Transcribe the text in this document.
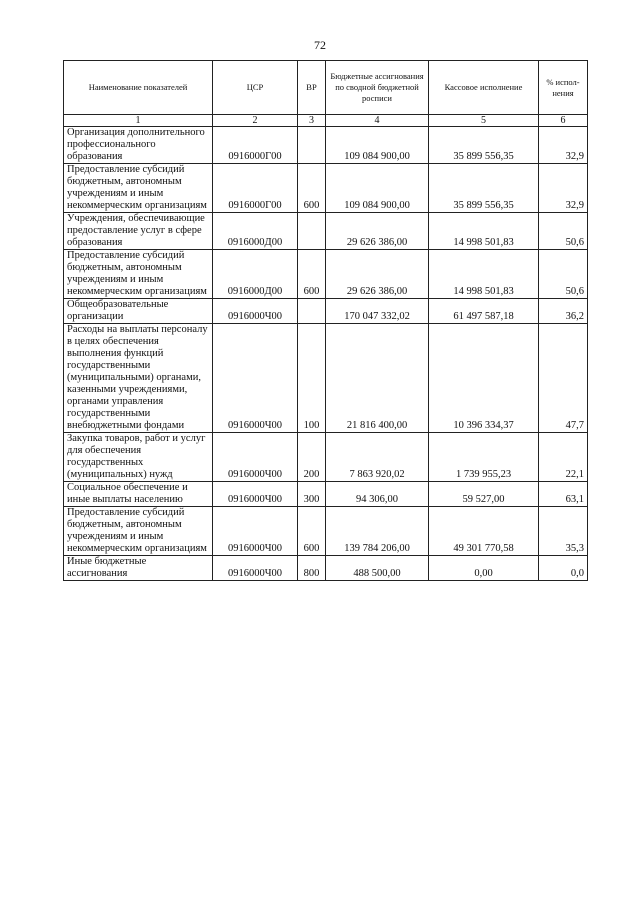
72
Наименование показателей	ЦСР	ВР	Бюджетные ассигнования по сводной бюджетной росписи	Кассовое исполнение	% испол-нения
1	2	3	4	5	6
Организация дополнительного профессионального образования	0916000Г00		109 084 900,00	35 899 556,35	32,9
Предоставление субсидий бюджетным, автономным учреждениям и иным некоммерческим организациям	0916000Г00	600	109 084 900,00	35 899 556,35	32,9
Учреждения, обеспечивающие предоставление услуг в сфере образования	0916000Д00		29 626 386,00	14 998 501,83	50,6
Предоставление субсидий бюджетным, автономным учреждениям и иным некоммерческим организациям	0916000Д00	600	29 626 386,00	14 998 501,83	50,6
Общеобразовательные организации	0916000Ч00		170 047 332,02	61 497 587,18	36,2
Расходы на выплаты персоналу в целях обеспечения выполнения функций государственными (муниципальными) органами, казенными учреждениями, органами управления государственными внебюджетными фондами	0916000Ч00	100	21 816 400,00	10 396 334,37	47,7
Закупка товаров, работ и услуг для обеспечения государственных (муниципальных) нужд	0916000Ч00	200	7 863 920,02	1 739 955,23	22,1
Социальное обеспечение и иные выплаты населению	0916000Ч00	300	94 306,00	59 527,00	63,1
Предоставление субсидий бюджетным, автономным учреждениям и иным некоммерческим организациям	0916000Ч00	600	139 784 206,00	49 301 770,58	35,3
Иные бюджетные ассигнования	0916000Ч00	800	488 500,00	0,00	0,0
